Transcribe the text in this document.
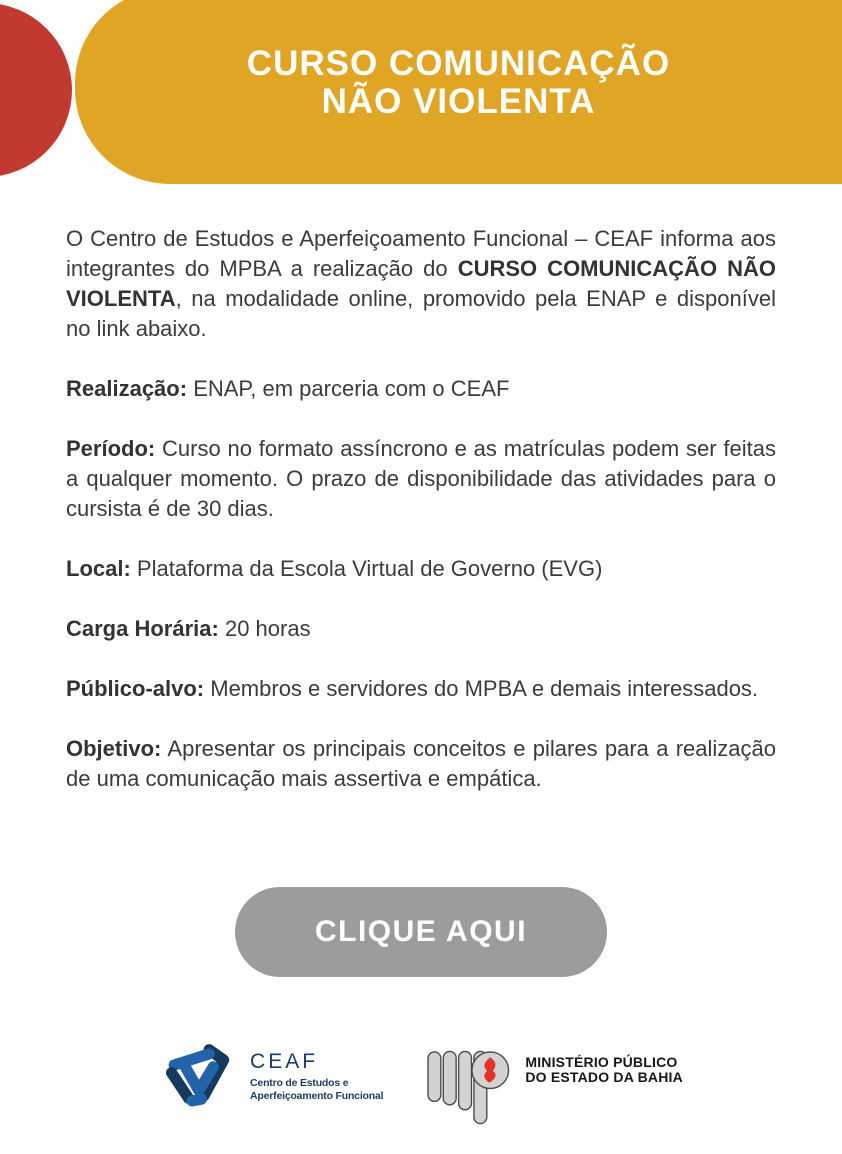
CURSO COMUNICAÇÃO
NÃO VIOLENTA

O Centro de Estudos e Aperfeiçoamento Funcional – CEAF informa aos integrantes do MPBA a realização do CURSO COMUNICAÇÃO NÃO VIOLENTA, na modalidade online, promovido pela ENAP e disponível no link abaixo.

Realização: ENAP, em parceria com o CEAF

Período: Curso no formato assíncrono e as matrículas podem ser feitas a qualquer momento. O prazo de disponibilidade das atividades para o cursista é de 30 dias.

Local: Plataforma da Escola Virtual de Governo (EVG)

Carga Horária: 20 horas

Público-alvo: Membros e servidores do MPBA e demais interessados.

Objetivo: Apresentar os principais conceitos e pilares para a realização de uma comunicação mais assertiva e empática.

CLIQUE AQUI
CEAF
Centro de Estudos e
Aperfeiçoamento Funcional
MINISTÉRIO PÚBLICO
DO ESTADO DA BAHIA
